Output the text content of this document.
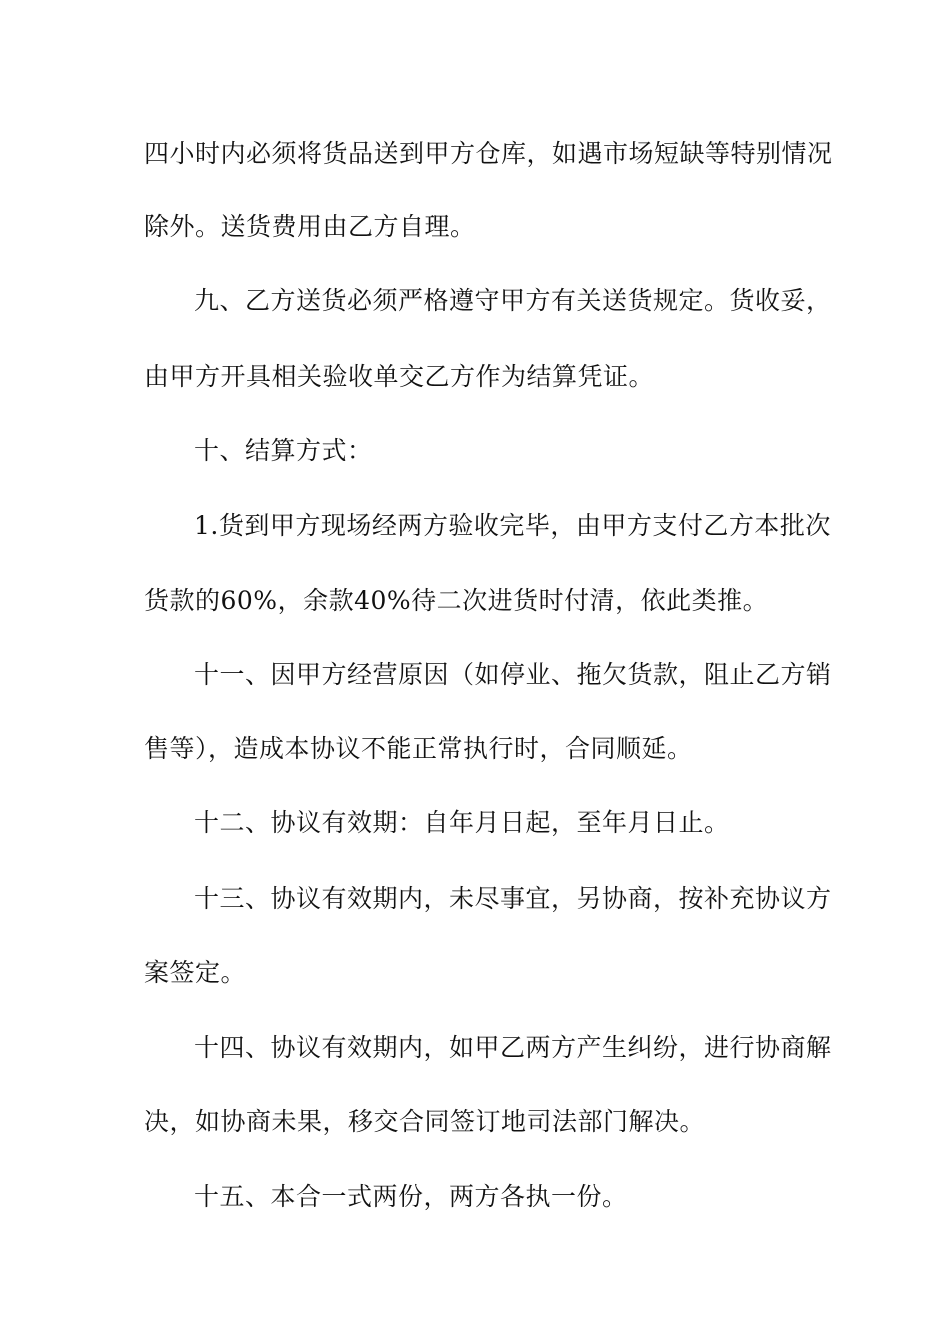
四小时内必须将货品送到甲方仓库，如遇市场短缺等特别情况
除外。送货费用由乙方自理。
九、乙方送货必须严格遵守甲方有关送货规定。货收妥，
由甲方开具相关验收单交乙方作为结算凭证。
十、结算方式：
1.货到甲方现场经两方验收完毕，由甲方支付乙方本批次
货款的60%，余款40%待二次进货时付清，依此类推。
十一、因甲方经营原因（如停业、拖欠货款，阻止乙方销
售等），造成本协议不能正常执行时，合同顺延。
十二、协议有效期：自年月日起，至年月日止。
十三、协议有效期内，未尽事宜，另协商，按补充协议方
案签定。
十四、协议有效期内，如甲乙两方产生纠纷，进行协商解
决，如协商未果，移交合同签订地司法部门解决。
十五、本合一式两份，两方各执一份。
